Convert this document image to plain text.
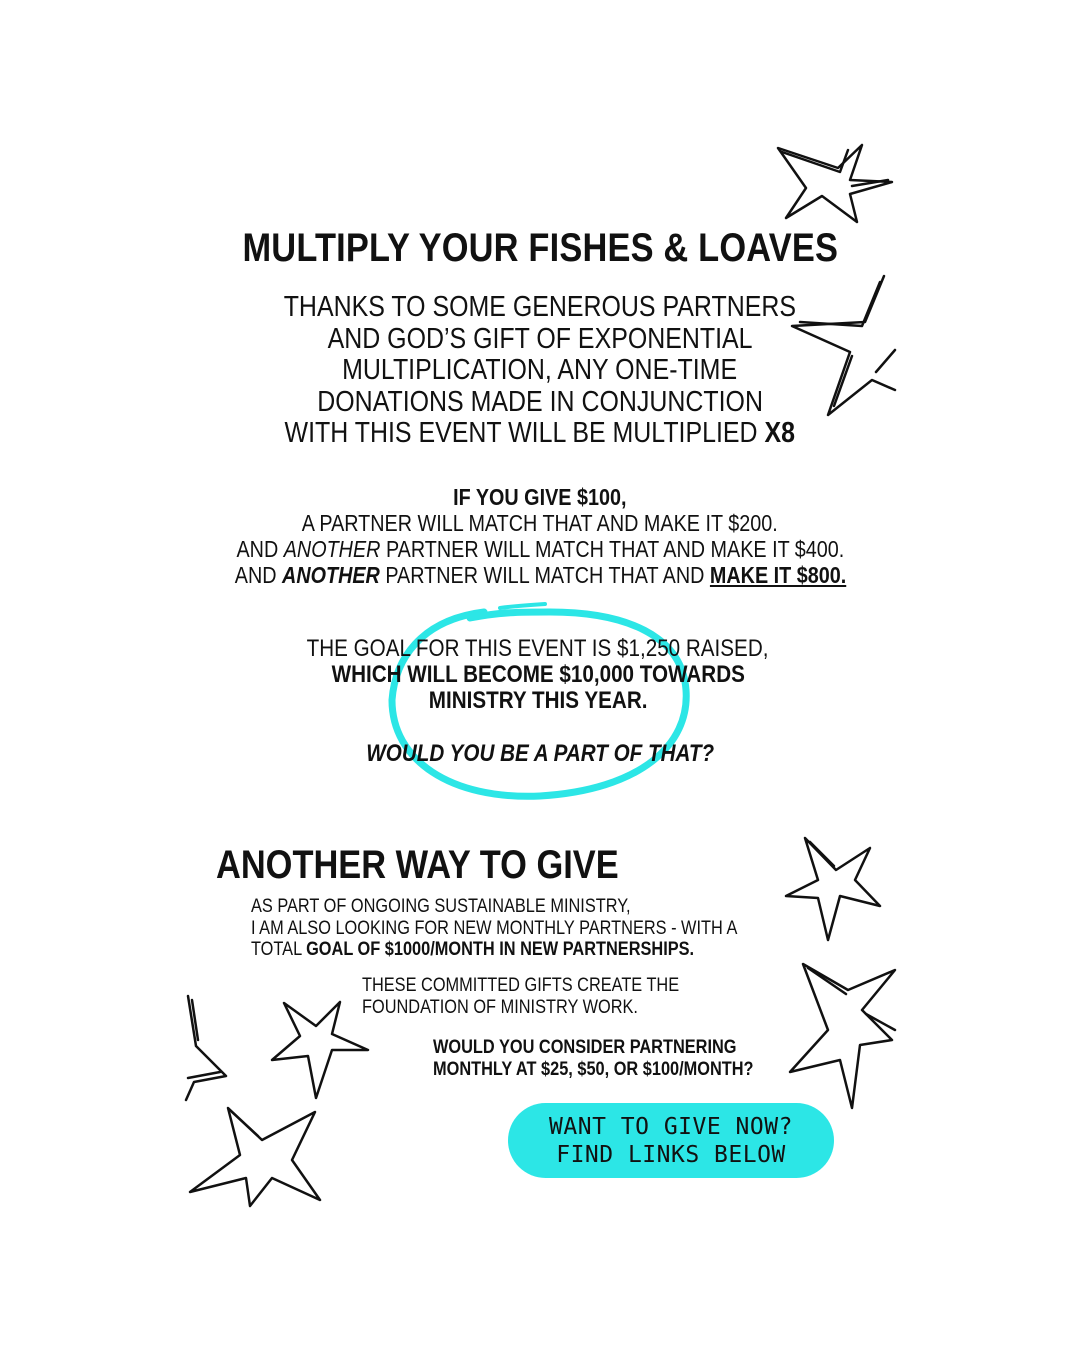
MULTIPLY YOUR FISHES & LOAVES
THANKS TO SOME GENEROUS PARTNERS
AND GOD’S GIFT OF EXPONENTIAL
MULTIPLICATION, ANY ONE-TIME
DONATIONS MADE IN CONJUNCTION
WITH THIS EVENT WILL BE MULTIPLIED X8
IF YOU GIVE $100,
A PARTNER WILL MATCH THAT AND MAKE IT $200.
AND ANOTHER PARTNER WILL MATCH THAT AND MAKE IT $400.
AND ANOTHER PARTNER WILL MATCH THAT AND MAKE IT $800.
THE GOAL FOR THIS EVENT IS $1,250 RAISED,
WHICH WILL BECOME $10,000 TOWARDS
MINISTRY THIS YEAR.
WOULD YOU BE A PART OF THAT?
ANOTHER WAY TO GIVE
AS PART OF ONGOING SUSTAINABLE MINISTRY,
I AM ALSO LOOKING FOR NEW MONTHLY PARTNERS - WITH A
TOTAL GOAL OF $1000/MONTH IN NEW PARTNERSHIPS.
THESE COMMITTED GIFTS CREATE THE
FOUNDATION OF MINISTRY WORK.
WOULD YOU CONSIDER PARTNERING
MONTHLY AT $25, $50, OR $100/MONTH?
WANT TO GIVE NOW?
FIND LINKS BELOW
